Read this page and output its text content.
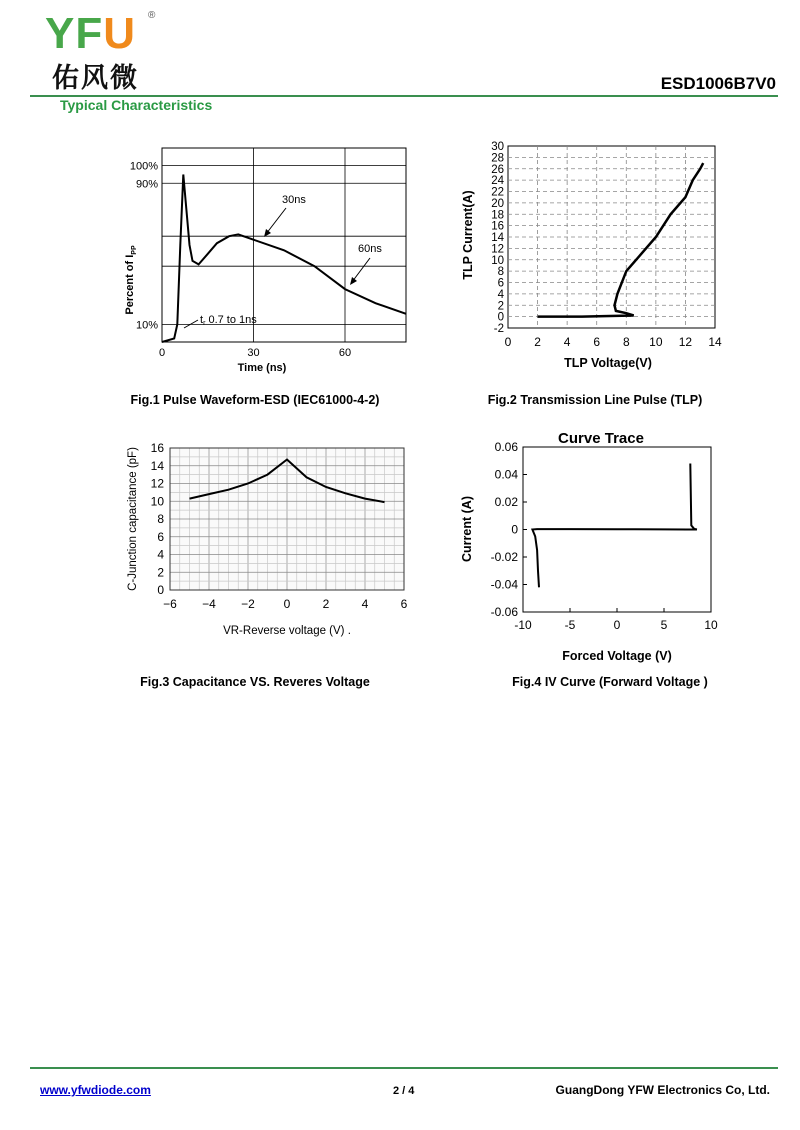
YFU ®
佑风微	ESD1006B7V0
Typical Characteristics
100%
90%
10%
0	30	60
Time (ns)
Percent of $I_{PP}$
30ns
60ns
tr 0.7 to 1ns
Fig.1 Pulse Waveform-ESD (IEC61000-4-2)
-2
0
2
4
6
8
10
12
14
16
18
20
22
24
26
28
30
0 2 4 6 8 10 12 14
TLP Voltage(V)
TLP Current(A)
Fig.2 Transmission Line Pulse (TLP)
0
2
4
6
8
10
12
14
16
−6 −4 −2 0	2	4	6
VR-Reverse voltage (V) .
C-Junction capacitance (pF)
Fig.3 Capacitance VS. Reveres Voltage
Curve Trace
-0.06
-0.04
-0.02
0
0.02
0.04
0.06
-10	-5	0	5	10
Forced Voltage (V)
Current (A)
Fig.4 IV Curve (Forward Voltage )
www.yfwdiode.com	2 / 4	GuangDong YFW Electronics Co, Ltd.
